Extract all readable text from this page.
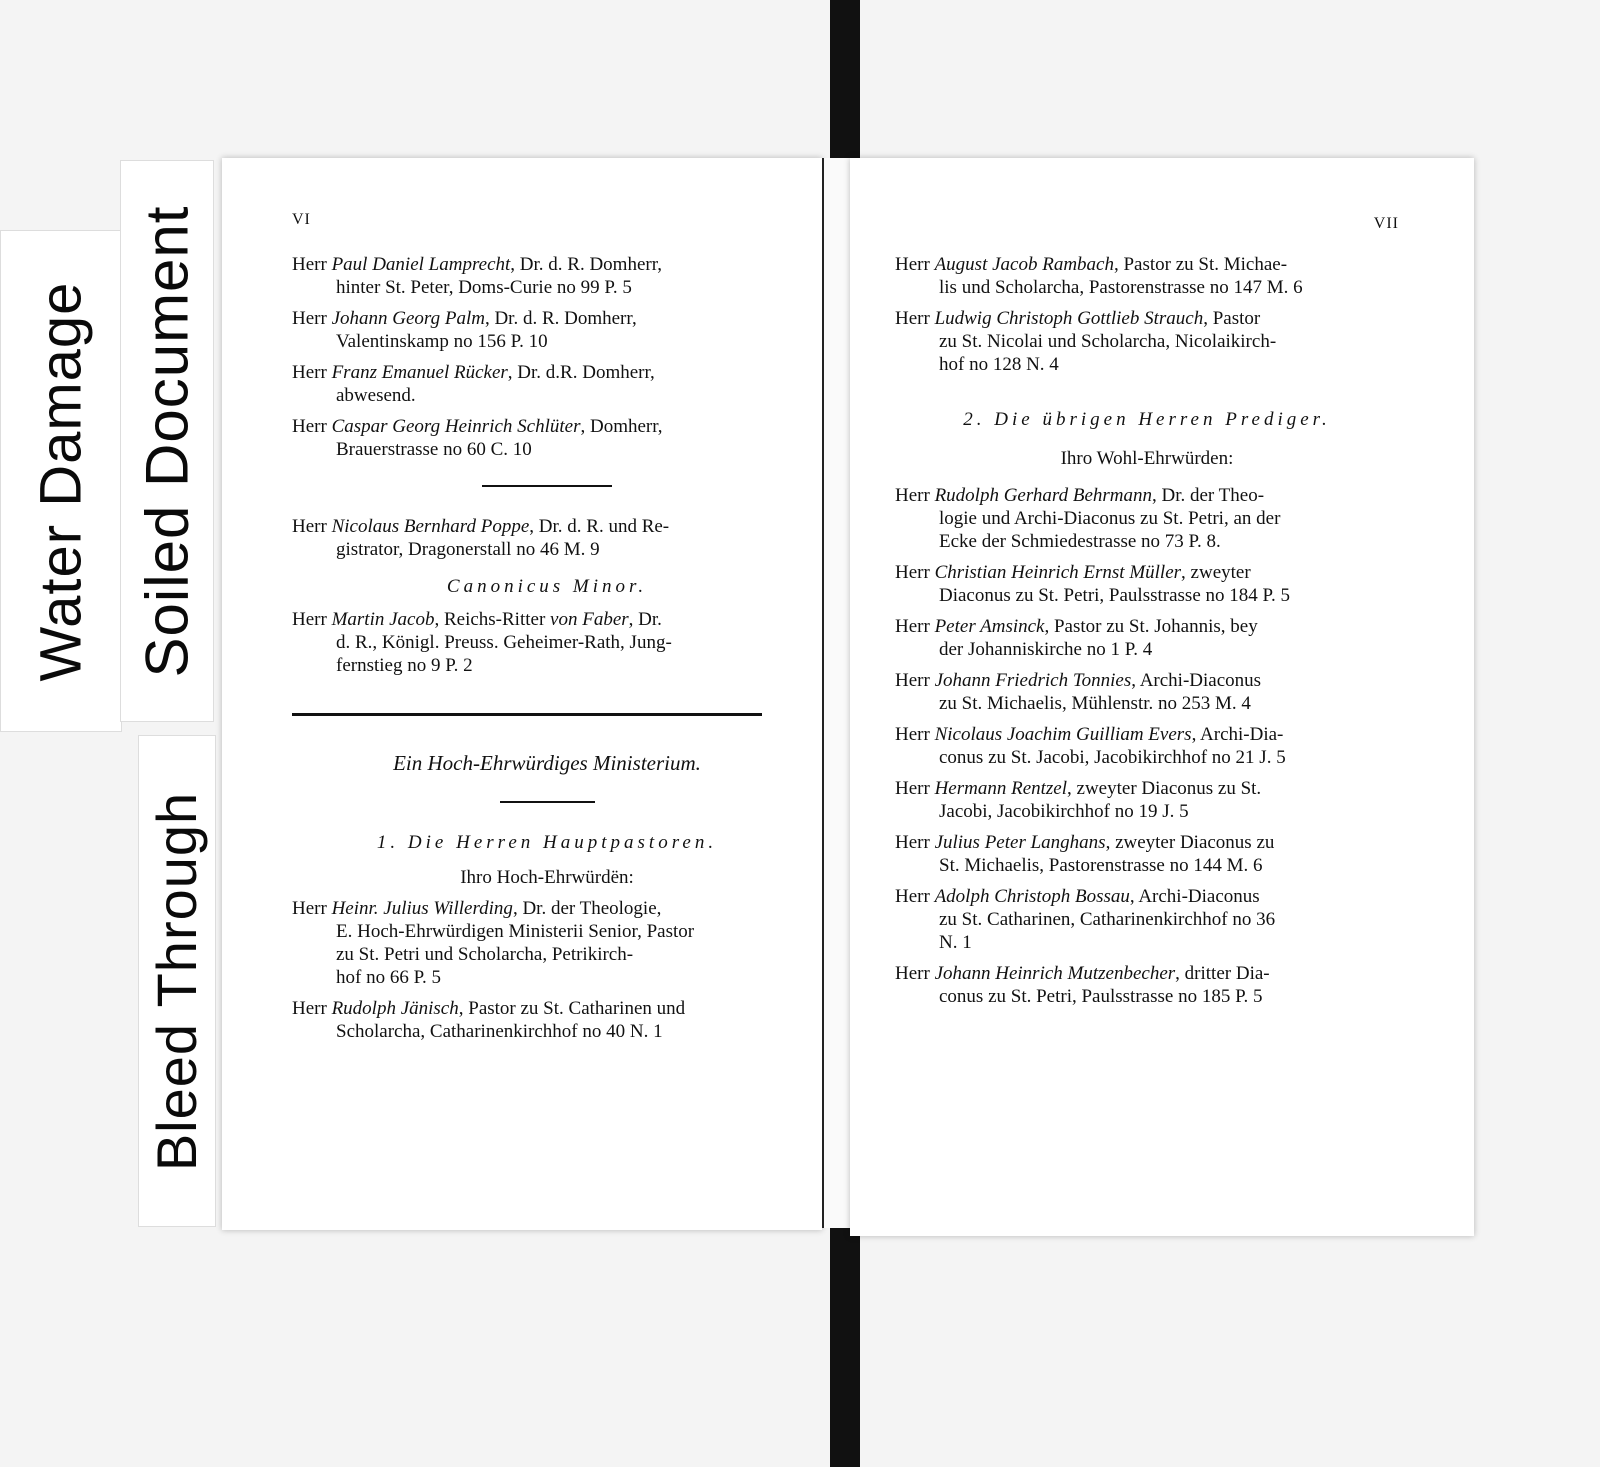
Water Damage Soiled Document
Bleed Through
VI
Herr Paul Daniel Lamprecht, Dr. d. R. Domherr,
hinter St. Peter, Doms-Curie no 99 P. 5
Herr Johann Georg Palm, Dr. d. R. Domherr,
Valentinskamp no 156 P. 10
Herr Franz Emanuel Rücker, Dr. d.R. Domherr,
abwesend.
Herr Caspar Georg Heinrich Schlüter, Domherr,
Brauerstrasse no 60 C. 10
Herr Nicolaus Bernhard Poppe, Dr. d. R. und Re-
gistrator, Dragonerstall no 46 M. 9
Canonicus Minor.
Herr Martin Jacob, Reichs-Ritter von Faber, Dr.
d. R., Königl. Preuss. Geheimer-Rath, Jung-
fernstieg no 9 P. 2
Ein Hoch-Ehrwürdiges Ministerium.
1. Die Herren Hauptpastoren.
Ihro Hoch-Ehrwürdën:
Herr Heinr. Julius Willerding, Dr. der Theologie,
E. Hoch-Ehrwürdigen Ministerii Senior, Pastor
zu St. Petri und Scholarcha, Petrikirch-
hof no 66 P. 5
Herr Rudolph Jänisch, Pastor zu St. Catharinen und
Scholarcha, Catharinenkirchhof no 40 N. 1
VII
Herr August Jacob Rambach, Pastor zu St. Michae-
lis und Scholarcha, Pastorenstrasse no 147 M. 6
Herr Ludwig Christoph Gottlieb Strauch, Pastor
zu St. Nicolai und Scholarcha, Nicolaikirch-
hof no 128 N. 4
2. Die übrigen Herren Prediger.
Ihro Wohl-Ehrwürden:
Herr Rudolph Gerhard Behrmann, Dr. der Theo-
logie und Archi-Diaconus zu St. Petri, an der
Ecke der Schmiedestrasse no 73 P. 8.
Herr Christian Heinrich Ernst Müller, zweyter
Diaconus zu St. Petri, Paulsstrasse no 184 P. 5
Herr Peter Amsinck, Pastor zu St. Johannis, bey
der Johanniskirche no 1 P. 4
Herr Johann Friedrich Tonnies, Archi-Diaconus
zu St. Michaelis, Mühlenstr. no 253 M. 4
Herr Nicolaus Joachim Guilliam Evers, Archi-Dia-
conus zu St. Jacobi, Jacobikirchhof no 21 J. 5
Herr Hermann Rentzel, zweyter Diaconus zu St.
Jacobi, Jacobikirchhof no 19 J. 5
Herr Julius Peter Langhans, zweyter Diaconus zu
St. Michaelis, Pastorenstrasse no 144 M. 6
Herr Adolph Christoph Bossau, Archi-Diaconus
zu St. Catharinen, Catharinenkirchhof no 36
N. 1
Herr Johann Heinrich Mutzenbecher, dritter Dia-
conus zu St. Petri, Paulsstrasse no 185 P. 5
